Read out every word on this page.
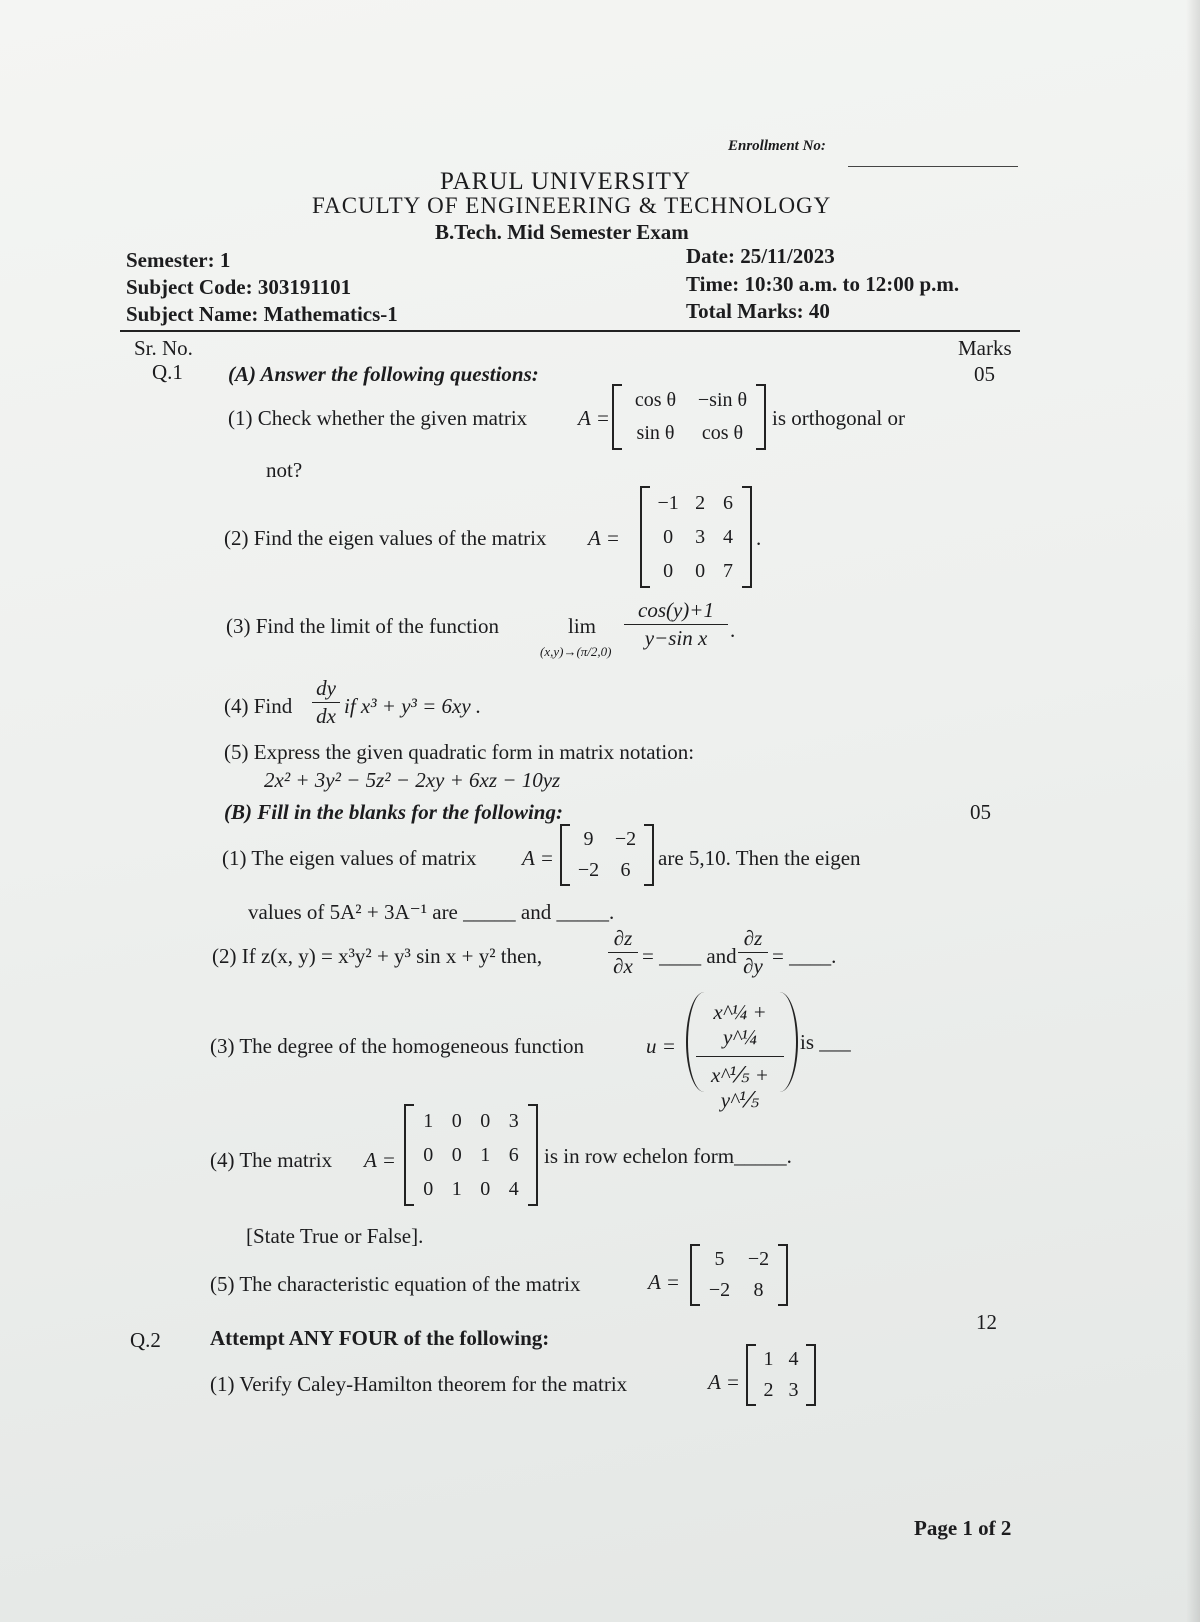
Enrollment No:
PARUL UNIVERSITY
FACULTY OF ENGINEERING & TECHNOLOGY
B.Tech. Mid Semester Exam
Semester: 1
Subject Code: 303191101
Subject Name: Mathematics-1
Date: 25/11/2023
Time: 10:30 a.m. to 12:00 p.m.
Total Marks: 40
Sr. No.	Marks
Q.1 (A) Answer the following questions:	05
(1) Check whether the given matrix A =
cos θ −sin θ
sin θ cos θ
is orthogonal or
not?
(2) Find the eigen values of the matrix A =
−1 2 6
0 3 4
0 0 7
.
(3) Find the limit of the function	lim
(x,y)→(π/2,0)
cos(y)+1
y−sin x	.
(4) Find
dy
dx if x³ + y³ = 6xy .
(5) Express the given quadratic form in matrix notation:
2x² + 3y² − 5z² − 2xy + 6xz − 10yz
(B) Fill in the blanks for the following:	05
(1) The eigen values of matrix A =
9 −2
−2 6 are 5,10. Then the eigen
values of 5A² + 3A⁻¹ are _____ and _____.
(2) If z(x, y) = x³y² + y³ sin x + y² then,
∂z
∂x = ____ and
∂z
∂y = ____.
(3) The degree of the homogeneous function	u =
x^¼ + y^¼
x^⅕ + y^⅕
is ___
(4) The matrix A =
1 0 0 3
0 0 1 6
0 1 0 4
is in row echelon form_____.
[State True or False].
(5) The characteristic equation of the matrix	A =
5 −2
−2 8
12
Q.2 Attempt ANY FOUR of the following:
(1) Verify Caley-Hamilton theorem for the matrix	A =
1 4
2 3
Page 1 of 2
